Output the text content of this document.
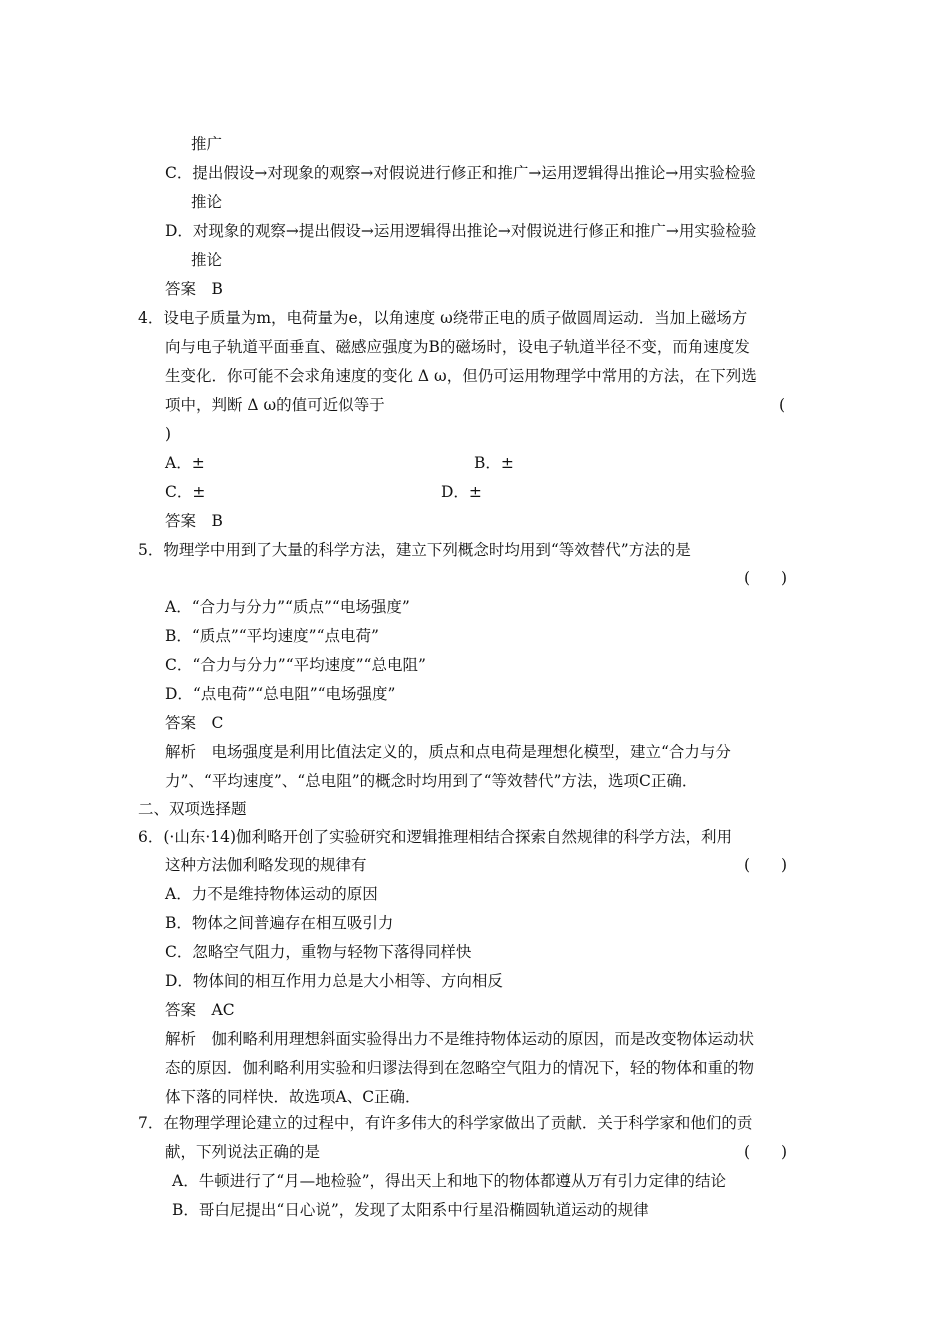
推广
C．提出假设→对现象的观察→对假说进行修正和推广→运用逻辑得出推论→用实验检验
推论
D．对现象的观察→提出假设→运用逻辑得出推论→对假说进行修正和推广→用实验检验
推论
答案　B
4．设电子质量为m，电荷量为e，以角速度 ω绕带正电的质子做圆周运动．当加上磁场方
向与电子轨道平面垂直、磁感应强度为B的磁场时，设电子轨道半径不变，而角速度发
生变化．你可能不会求角速度的变化 Δ ω，但仍可运用物理学中常用的方法，在下列选
项中，判断 Δ ω的值可近似等于	(
)
A．±	B．±
C．±	D．±
答案　B
5．物理学中用到了大量的科学方法，建立下列概念时均用到“等效替代”方法的是
(　　)
A．“合力与分力”“质点”“电场强度”
B．“质点”“平均速度”“点电荷”
C．“合力与分力”“平均速度”“总电阻”
D．“点电荷”“总电阻”“电场强度”
答案　C
解析　电场强度是利用比值法定义的，质点和点电荷是理想化模型，建立“合力与分
力”、“平均速度”、“总电阻”的概念时均用到了“等效替代”方法，选项C正确．
二、双项选择题
6．(·山东·14)伽利略开创了实验研究和逻辑推理相结合探索自然规律的科学方法，利用
这种方法伽利略发现的规律有	(　　)
A．力不是维持物体运动的原因
B．物体之间普遍存在相互吸引力
C．忽略空气阻力，重物与轻物下落得同样快
D．物体间的相互作用力总是大小相等、方向相反
答案　AC
解析　伽利略利用理想斜面实验得出力不是维持物体运动的原因，而是改变物体运动状
态的原因．伽利略利用实验和归谬法得到在忽略空气阻力的情况下，轻的物体和重的物
体下落的同样快．故选项A、C正确．
7．在物理学理论建立的过程中，有许多伟大的科学家做出了贡献．关于科学家和他们的贡
献，下列说法正确的是	(　　)
A．牛顿进行了“月—地检验”，得出天上和地下的物体都遵从万有引力定律的结论
B．哥白尼提出“日心说”，发现了太阳系中行星沿椭圆轨道运动的规律
